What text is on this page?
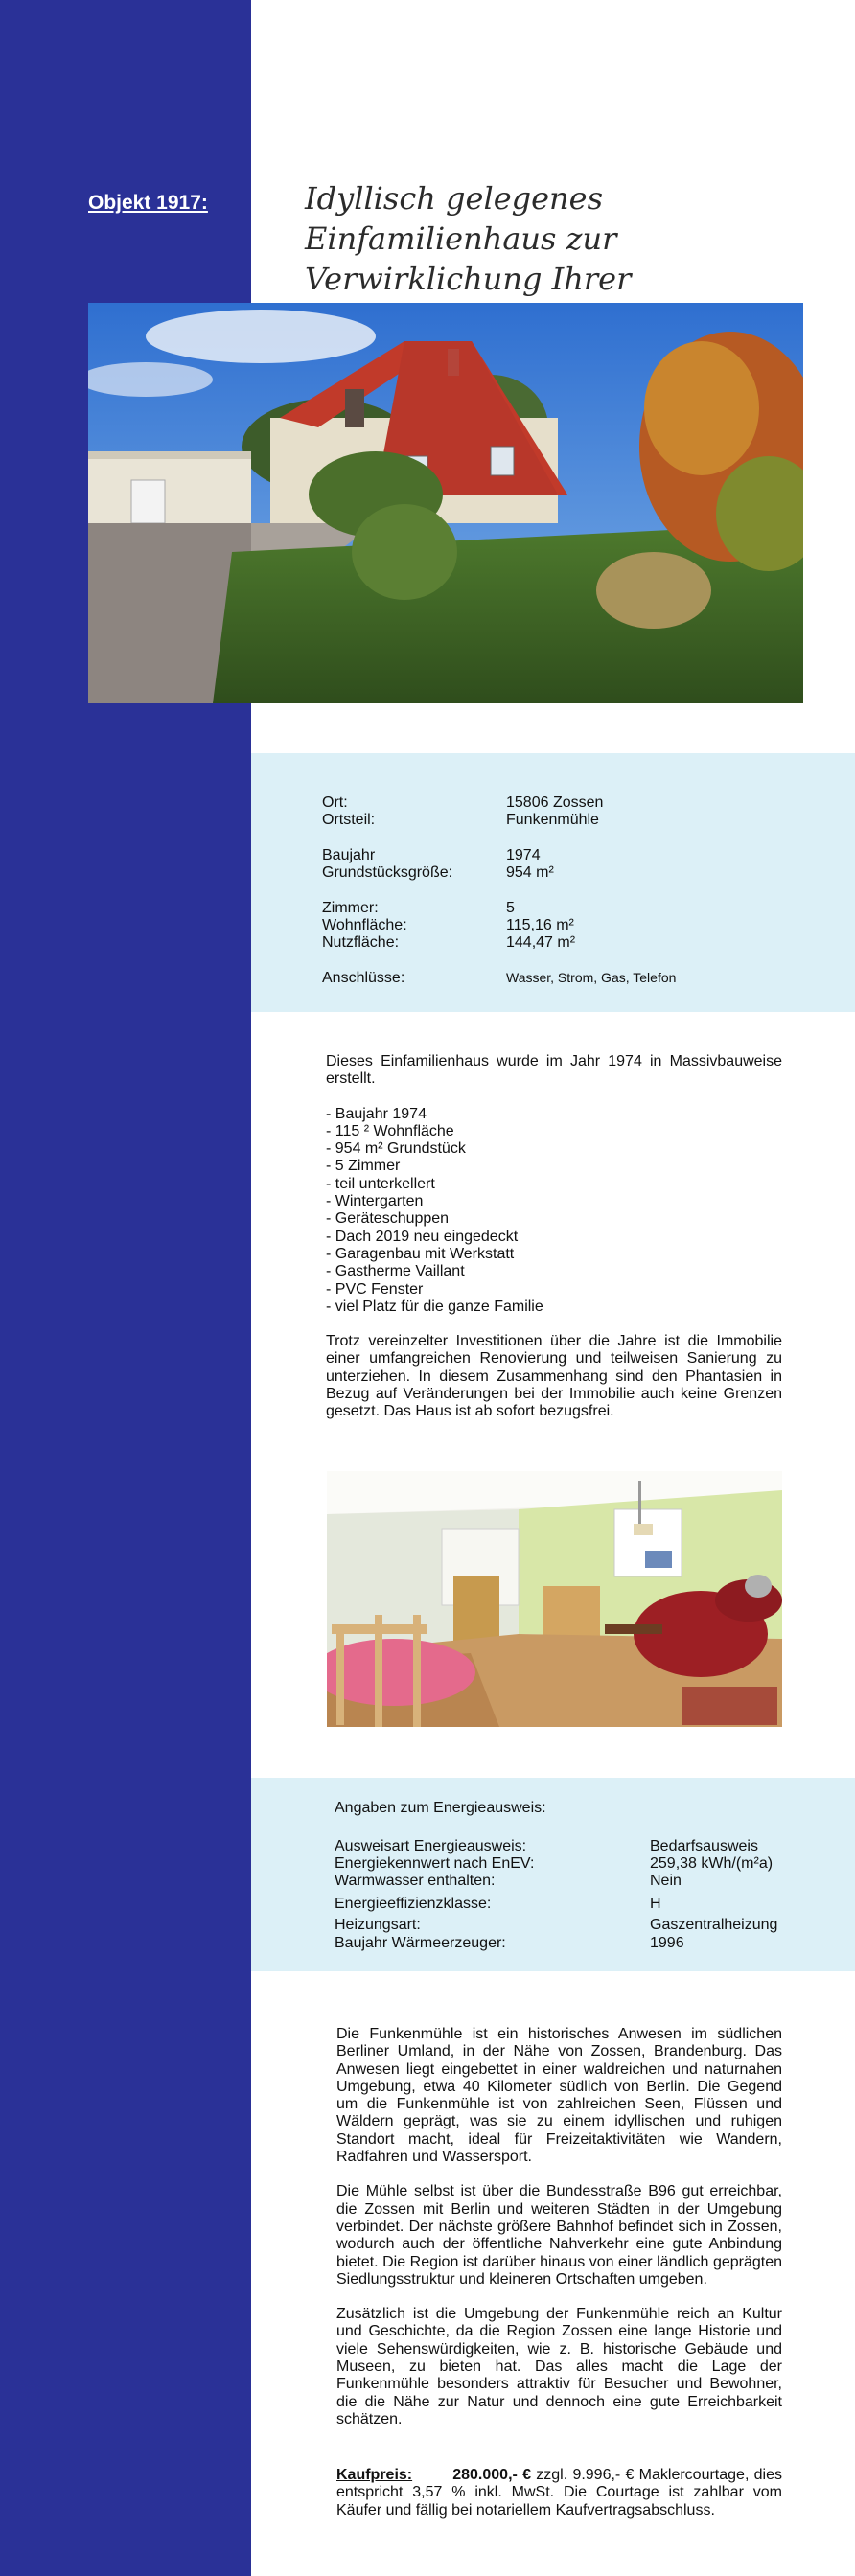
Objekt 1917:	Idyllisch gelegenes Einfamilienhaus zur
Verwirklichung Ihrer
Ort:	15806 Zossen
Ortsteil:	Funkenmühle
Baujahr	1974
Grundstücksgröße:	954 m²
Zimmer:	5
Wohnfläche:	115,16 m²
Nutzfläche:	144,47 m²
Anschlüsse:	Wasser, Strom, Gas, Telefon

Dieses Einfamilienhaus wurde im Jahr 1974 in Massivbauweise erstellt.

- Baujahr 1974
- 115 ² Wohnfläche
- 954 m² Grundstück
- 5 Zimmer
- teil unterkellert
- Wintergarten
- Geräteschuppen
- Dach 2019 neu eingedeckt
- Garagenbau mit Werkstatt
- Gastherme Vaillant
- PVC Fenster
- viel Platz für die ganze Familie

Trotz vereinzelter Investitionen über die Jahre ist die Immobilie einer umfangreichen Renovierung und teilweisen Sanierung zu unterziehen. In diesem Zusammenhang sind den Phantasien in Bezug auf Veränderungen bei der Immobilie auch keine Grenzen gesetzt. Das Haus ist ab sofort bezugsfrei.

Angaben zum Energieausweis:
Ausweisart Energieausweis:	Bedarfsausweis
Energiekennwert nach EnEV:	259,38 kWh/(m²a)
Warmwasser enthalten:	Nein
Energieeffizienzklasse:	H
Heizungsart:	Gaszentralheizung
Baujahr Wärmeerzeuger:	1996

Die Funkenmühle ist ein historisches Anwesen im südlichen Berliner Umland, in der Nähe von Zossen, Brandenburg. Das Anwesen liegt eingebettet in einer waldreichen und naturnahen Umgebung, etwa 40 Kilometer südlich von Berlin. Die Gegend um die Funkenmühle ist von zahlreichen Seen, Flüssen und Wäldern geprägt, was sie zu einem idyllischen und ruhigen Standort macht, ideal für Freizeitaktivitäten wie Wandern, Radfahren und Wassersport.

Die Mühle selbst ist über die Bundesstraße B96 gut erreichbar, die Zossen mit Berlin und weiteren Städten in der Umgebung verbindet. Der nächste größere Bahnhof befindet sich in Zossen, wodurch auch der öffentliche Nahverkehr eine gute Anbindung bietet. Die Region ist darüber hinaus von einer ländlich geprägten Siedlungsstruktur und kleineren Ortschaften umgeben.

Zusätzlich ist die Umgebung der Funkenmühle reich an Kultur und Geschichte, da die Region Zossen eine lange Historie und viele Sehenswürdigkeiten, wie z. B. historische Gebäude und Museen, zu bieten hat. Das alles macht die Lage der Funkenmühle besonders attraktiv für Besucher und Bewohner, die die Nähe zur Natur und dennoch eine gute Erreichbarkeit schätzen.

Kaufpreis:	280.000,- € zzgl. 9.996,- € Maklercourtage, dies entspricht 3,57 % inkl. MwSt. Die Courtage ist zahlbar vom Käufer und fällig bei notariellem Kaufvertragsabschluss.
